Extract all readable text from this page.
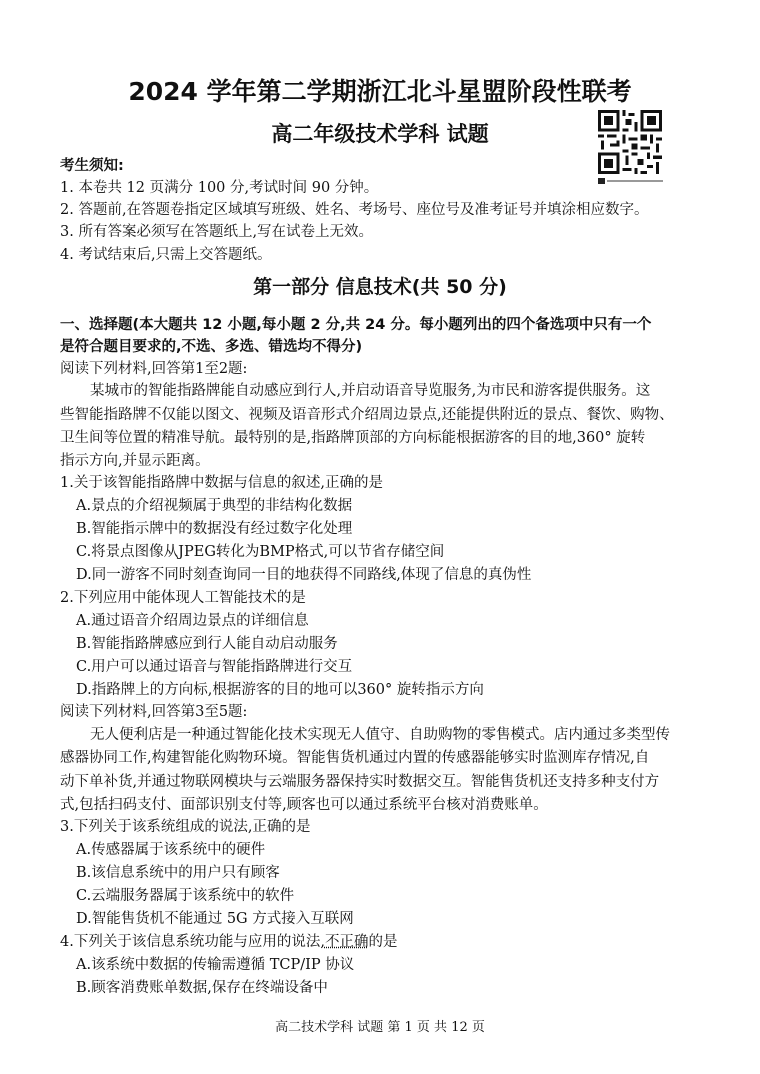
2024 学年第二学期浙江北斗星盟阶段性联考
高二年级技术学科 试题
考生须知:
1. 本卷共 12 页满分 100 分,考试时间 90 分钟。
2. 答题前,在答题卷指定区域填写班级、姓名、考场号、座位号及准考证号并填涂相应数字。
3. 所有答案必须写在答题纸上,写在试卷上无效。
4. 考试结束后,只需上交答题纸。
第一部分 信息技术(共 50 分)
一、选择题(本大题共 12 小题,每小题 2 分,共 24 分。每小题列出的四个备选项中只有一个
是符合题目要求的,不选、多选、错选均不得分)
阅读下列材料,回答第1至2题:
某城市的智能指路牌能自动感应到行人,并启动语音导览服务,为市民和游客提供服务。这
些智能指路牌不仅能以图文、视频及语音形式介绍周边景点,还能提供附近的景点、餐饮、购物、
卫生间等位置的精准导航。最特别的是,指路牌顶部的方向标能根据游客的目的地,360° 旋转
指示方向,并显示距离。
1.关于该智能指路牌中数据与信息的叙述,正确的是
A.景点的介绍视频属于典型的非结构化数据
B.智能指示牌中的数据没有经过数字化处理
C.将景点图像从JPEG转化为BMP格式,可以节省存储空间
D.同一游客不同时刻查询同一目的地获得不同路线,体现了信息的真伪性
2.下列应用中能体现人工智能技术的是
A.通过语音介绍周边景点的详细信息
B.智能指路牌感应到行人能自动启动服务
C.用户可以通过语音与智能指路牌进行交互
D.指路牌上的方向标,根据游客的目的地可以360° 旋转指示方向
阅读下列材料,回答第3至5题:
无人便利店是一种通过智能化技术实现无人值守、自助购物的零售模式。店内通过多类型传
感器协同工作,构建智能化购物环境。智能售货机通过内置的传感器能够实时监测库存情况,自
动下单补货,并通过物联网模块与云端服务器保持实时数据交互。智能售货机还支持多种支付方
式,包括扫码支付、面部识别支付等,顾客也可以通过系统平台核对消费账单。
3.下列关于该系统组成的说法,正确的是
A.传感器属于该系统中的硬件
B.该信息系统中的用户只有顾客
C.云端服务器属于该系统中的软件
D.智能售货机不能通过 5G 方式接入互联网
4.下列关于该信息系统功能与应用的说法,不正确的是
A.该系统中数据的传输需遵循 TCP/IP 协议
B.顾客消费账单数据,保存在终端设备中
高二技术学科 试题 第 1 页 共 12 页
